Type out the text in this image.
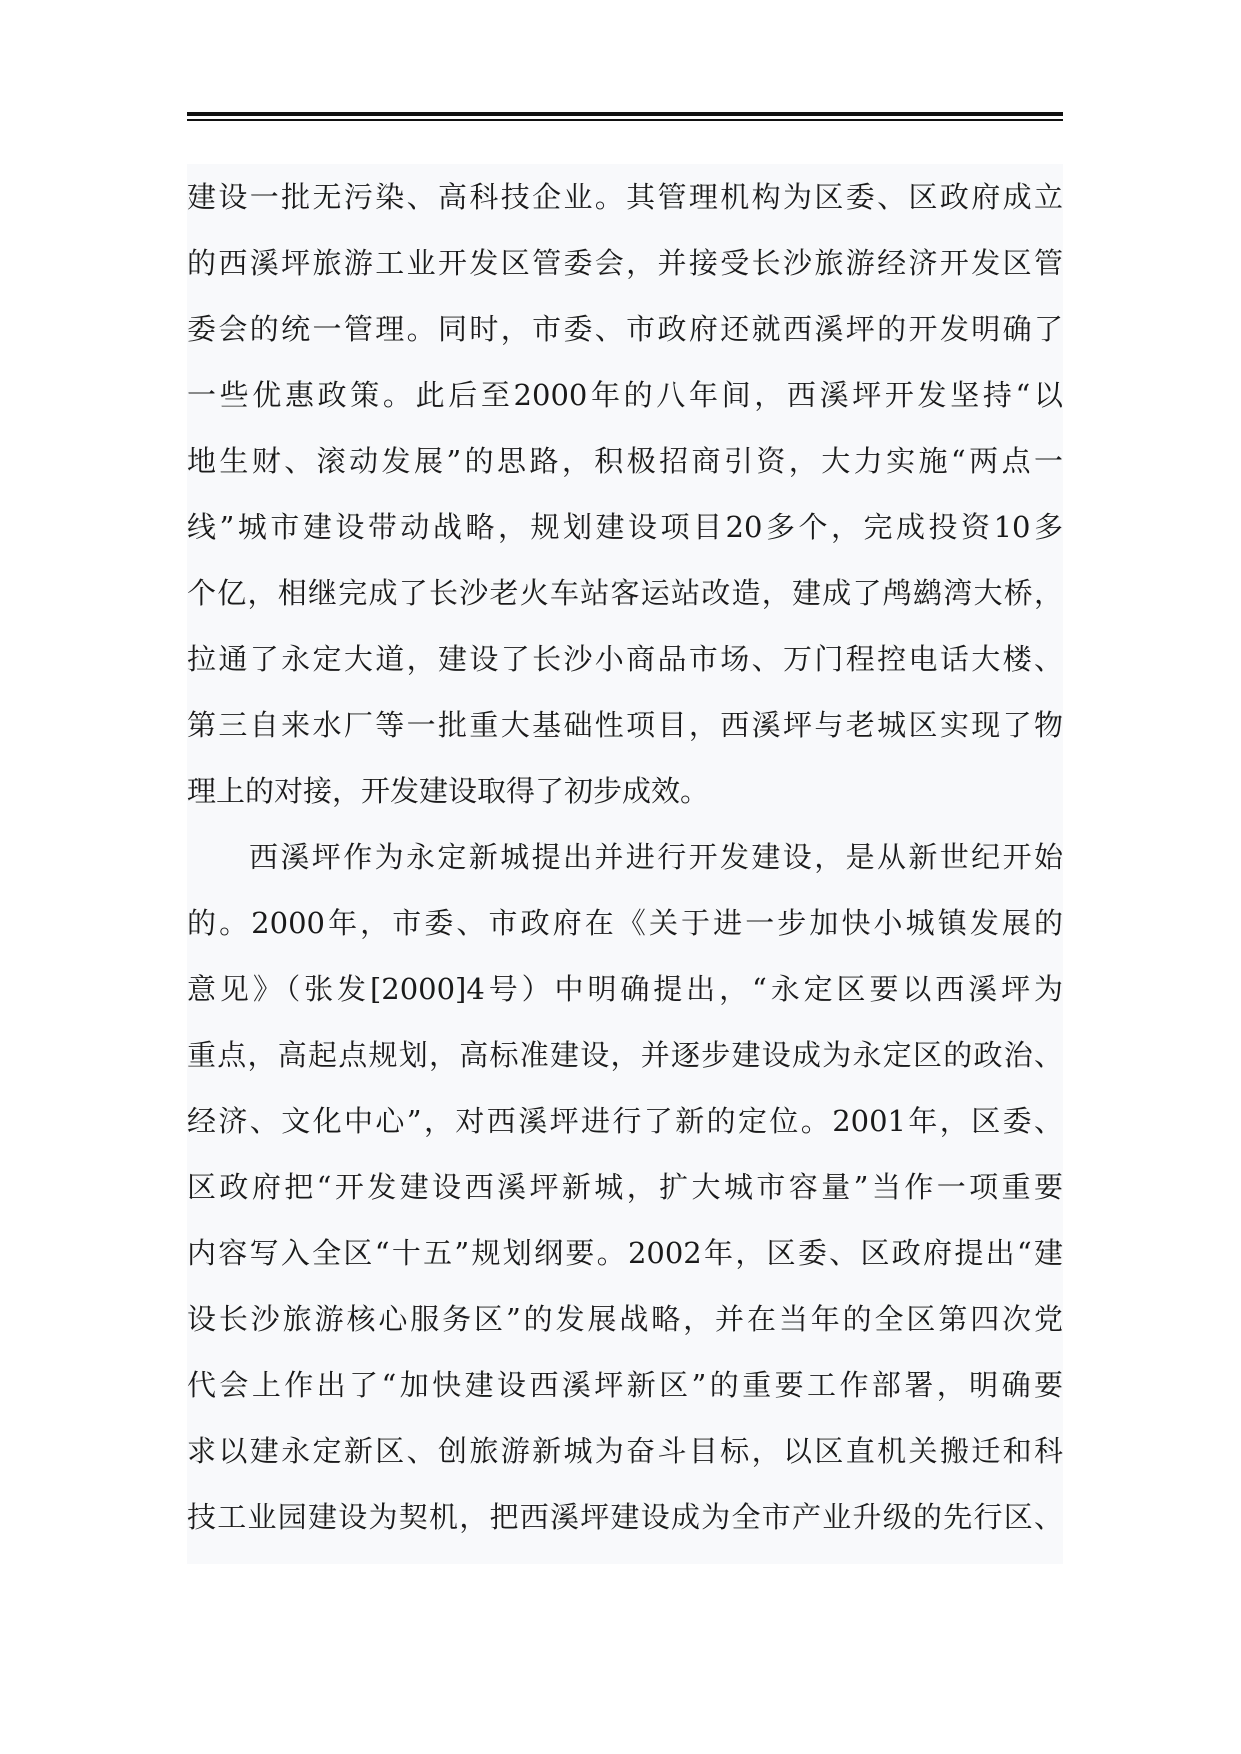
建设一批无污染、高科技企业。其管理机构为区委、区政府成立
的西溪坪旅游工业开发区管委会，并接受长沙旅游经济开发区管
委会的统一管理。同时，市委、市政府还就西溪坪的开发明确了
一些优惠政策。此后至2000年的八年间，西溪坪开发坚持“以
地生财、滚动发展”的思路，积极招商引资，大力实施“两点一
线”城市建设带动战略，规划建设项目20多个，完成投资10多
个亿，相继完成了长沙老火车站客运站改造，建成了鸬鹚湾大桥，
拉通了永定大道，建设了长沙小商品市场、万门程控电话大楼、
第三自来水厂等一批重大基础性项目，西溪坪与老城区实现了物
理上的对接，开发建设取得了初步成效。
西溪坪作为永定新城提出并进行开发建设，是从新世纪开始
的。2000年，市委、市政府在《关于进一步加快小城镇发展的
意见》（张发[2000]4号）中明确提出，“永定区要以西溪坪为
重点，高起点规划，高标准建设，并逐步建设成为永定区的政治、
经济、文化中心”，对西溪坪进行了新的定位。2001年，区委、
区政府把“开发建设西溪坪新城，扩大城市容量”当作一项重要
内容写入全区“十五”规划纲要。2002年，区委、区政府提出“建
设长沙旅游核心服务区”的发展战略，并在当年的全区第四次党
代会上作出了“加快建设西溪坪新区”的重要工作部署，明确要
求以建永定新区、创旅游新城为奋斗目标，以区直机关搬迁和科
技工业园建设为契机，把西溪坪建设成为全市产业升级的先行区、
